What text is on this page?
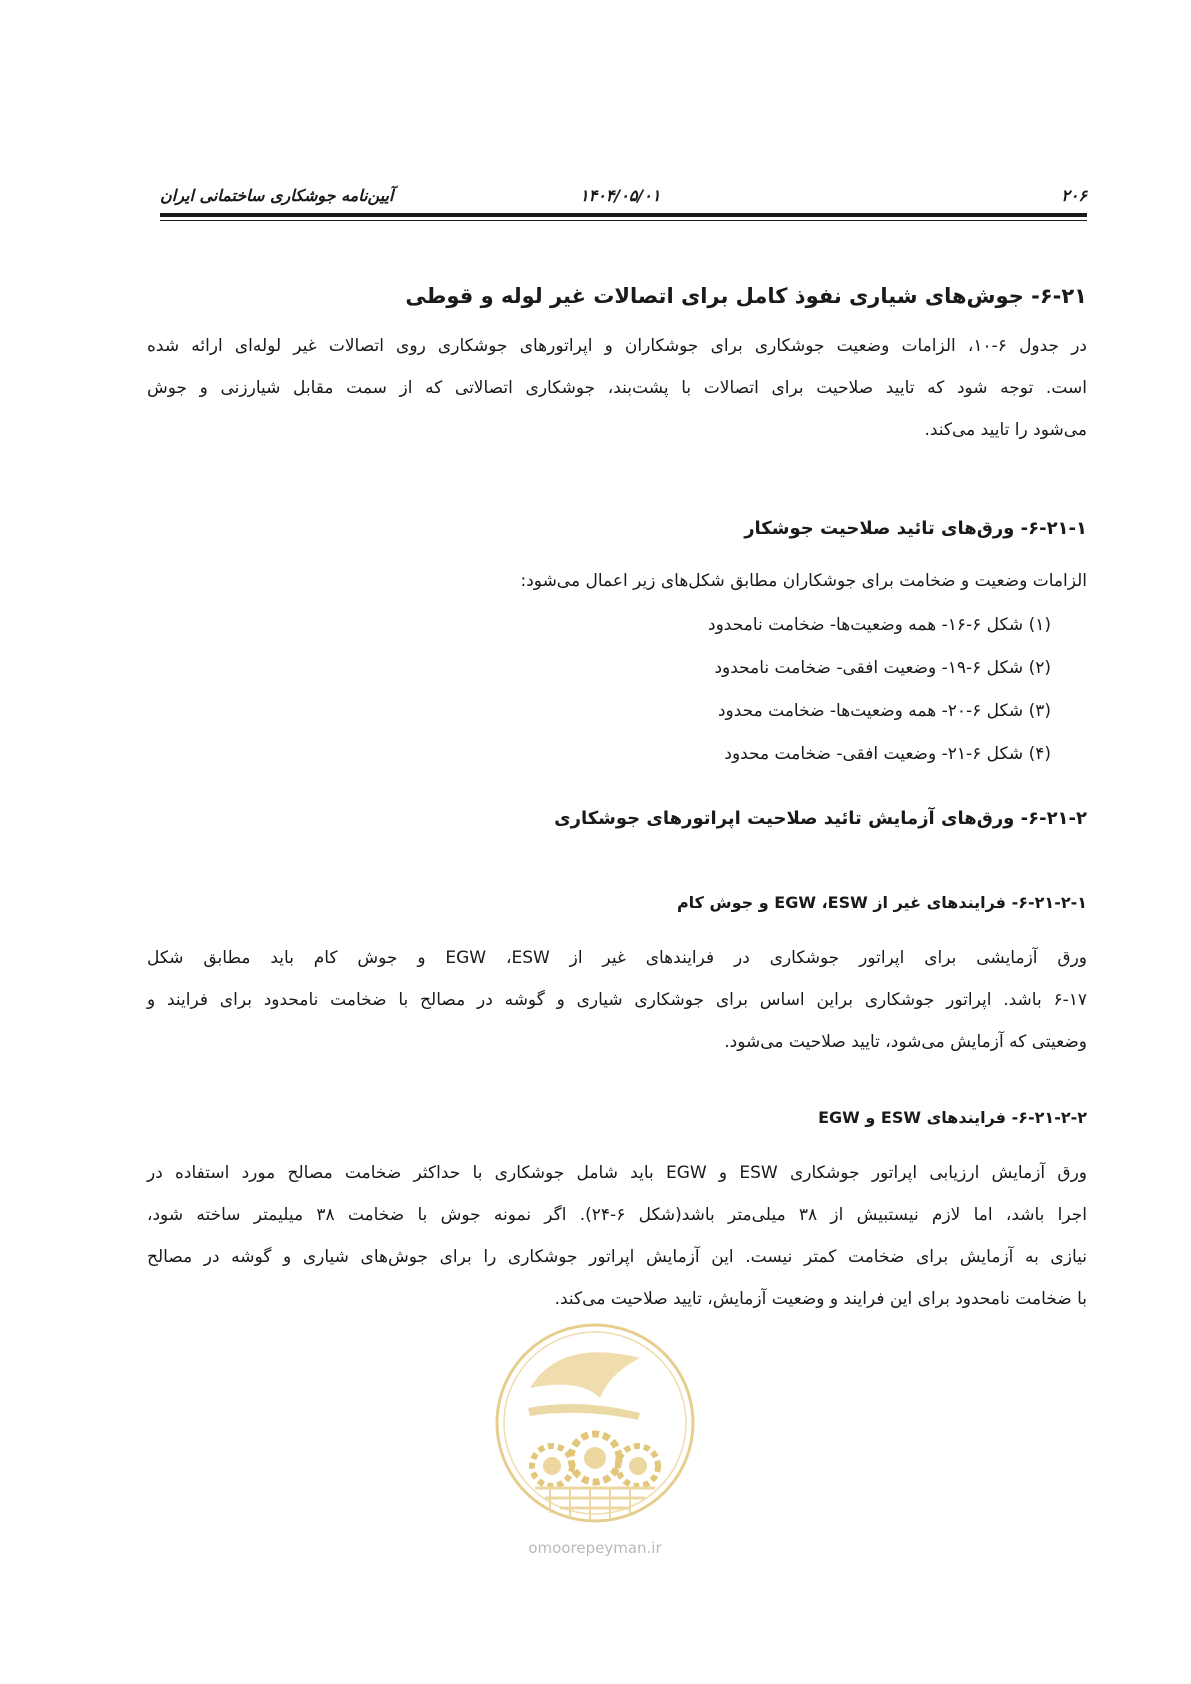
۲۰۶
۱۴۰۴/۰۵/۰۱
آیین‌نامه جوشکاری ساختمانی ایران
۶-۲۱- جوش‌های شیاری نفوذ کامل برای اتصالات غیر لوله و قوطی
در جدول ۶-۱۰، الزامات وضعیت جوشکاری برای جوشکاران و اپراتورهای جوشکاری روی اتصالات غیر لوله‌ای ارائه شده
است. توجه شود که تایید صلاحیت برای اتصالات با پشت‌بند، جوشکاری اتصالاتی که از سمت مقابل شیارزنی و جوش
می‌شود را تایید می‌کند.
۶-۲۱-۱- ورق‌های تائید صلاحیت جوشکار
الزامات وضعیت و ضخامت برای جوشکاران مطابق شکل‌های زیر اعمال می‌شود:
(۱) شکل ۶-۱۶- همه وضعیت‌ها- ضخامت نامحدود
(۲) شکل ۶-۱۹- وضعیت افقی- ضخامت نامحدود
(۳) شکل ۶-۲۰- همه وضعیت‌ها- ضخامت محدود
(۴) شکل ۶-۲۱- وضعیت افقی- ضخامت محدود
۶-۲۱-۲- ورق‌های آزمایش تائید صلاحیت اپراتورهای جوشکاری
۶-۲۱-۲-۱- فرایندهای غیر از EGW ،ESW و جوش کام
ورق آزمایشی برای اپراتور جوشکاری در فرایندهای غیر از EGW ،ESW و جوش کام باید مطابق شکل
۶-۱۷ باشد. اپراتور جوشکاری براین اساس برای جوشکاری شیاری و گوشه در مصالح با ضخامت نامحدود برای فرایند و
وضعیتی که آزمایش می‌شود، تایید صلاحیت می‌شود.
۶-۲۱-۲-۲- فرایندهای ESW و EGW
ورق آزمایش ارزیابی اپراتور جوشکاری ESW و EGW باید شامل جوشکاری با حداکثر ضخامت مصالح مورد استفاده در
اجرا باشد، اما لازم نیستبیش از ۳۸ میلی‌متر باشد(شکل ۶-۲۴). اگر نمونه جوش با ضخامت ۳۸ میلیمتر ساخته شود،
نیازی به آزمایش برای ضخامت کمتر نیست. این آزمایش اپراتور جوشکاری را برای جوش‌های شیاری و گوشه در مصالح
با ضخامت نامحدود برای این فرایند و وضعیت آزمایش، تایید صلاحیت می‌کند.
omoorepeyman.ir
